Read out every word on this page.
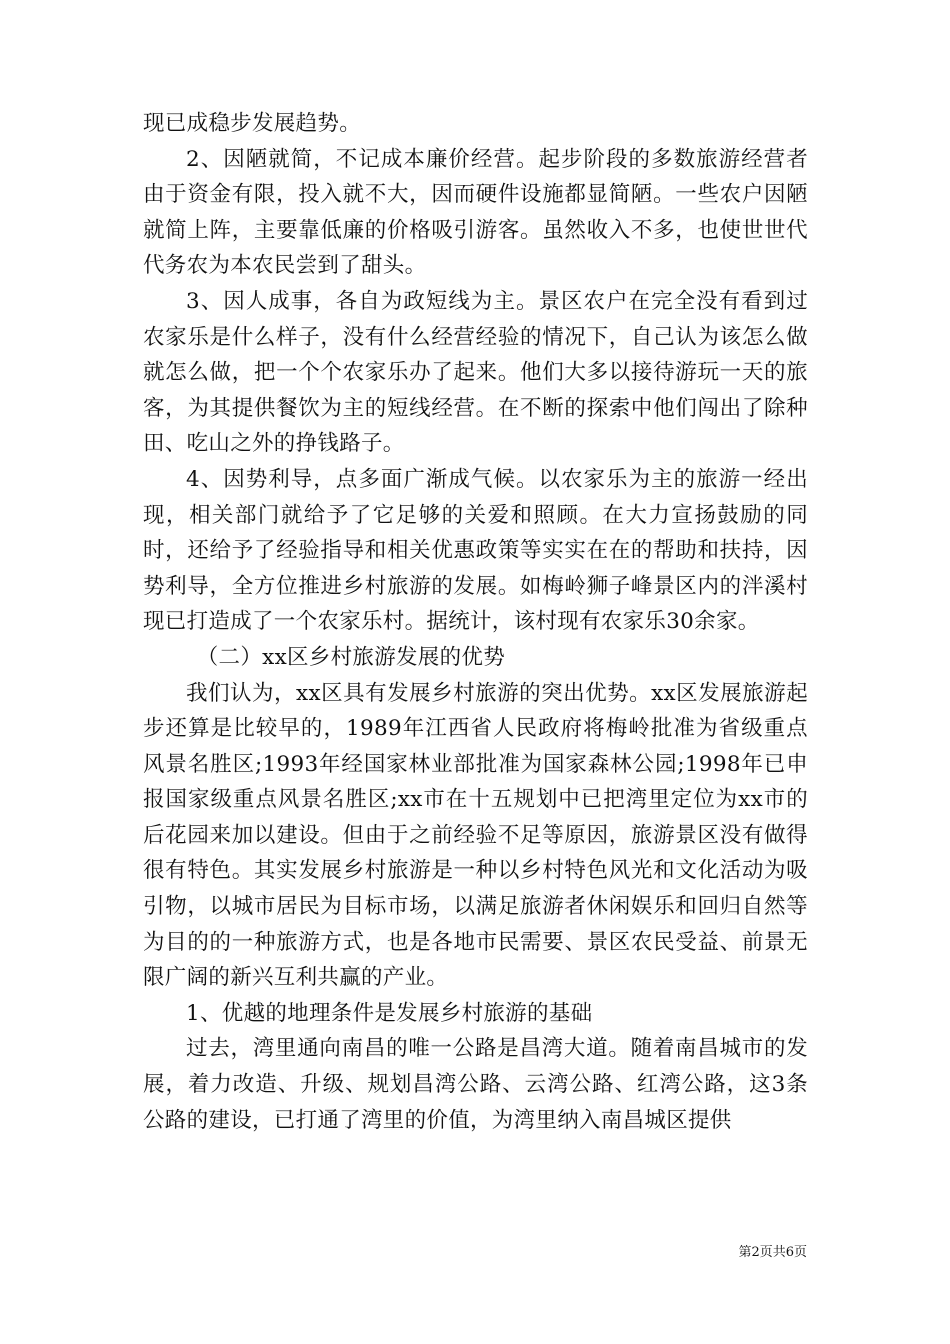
现已成稳步发展趋势。

2、因陋就简，不记成本廉价经营。起步阶段的多数旅游经营者由于资金有限，投入就不大，因而硬件设施都显简陋。一些农户因陋就简上阵，主要靠低廉的价格吸引游客。虽然收入不多，也使世世代代务农为本农民尝到了甜头。

3、因人成事，各自为政短线为主。景区农户在完全没有看到过农家乐是什么样子，没有什么经营经验的情况下，自己认为该怎么做就怎么做，把一个个农家乐办了起来。他们大多以接待游玩一天的旅客，为其提供餐饮为主的短线经营。在不断的探索中他们闯出了除种田、吃山之外的挣钱路子。

4、因势利导，点多面广渐成气候。以农家乐为主的旅游一经出现，相关部门就给予了它足够的关爱和照顾。在大力宣扬鼓励的同时，还给予了经验指导和相关优惠政策等实实在在的帮助和扶持，因势利导，全方位推进乡村旅游的发展。如梅岭狮子峰景区内的泮溪村现已打造成了一个农家乐村。据统计，该村现有农家乐30余家。

（二）xx区乡村旅游发展的优势

我们认为，xx区具有发展乡村旅游的突出优势。xx区发展旅游起步还算是比较早的，1989年江西省人民政府将梅岭批准为省级重点风景名胜区;1993年经国家林业部批准为国家森林公园;1998年已申报国家级重点风景名胜区;xx市在十五规划中已把湾里定位为xx市的后花园来加以建设。但由于之前经验不足等原因，旅游景区没有做得很有特色。其实发展乡村旅游是一种以乡村特色风光和文化活动为吸引物，以城市居民为目标市场，以满足旅游者休闲娱乐和回归自然等为目的的一种旅游方式，也是各地市民需要、景区农民受益、前景无限广阔的新兴互利共赢的产业。

1、优越的地理条件是发展乡村旅游的基础

过去，湾里通向南昌的唯一公路是昌湾大道。随着南昌城市的发展，着力改造、升级、规划昌湾公路、云湾公路、红湾公路，这3条公路的建设，已打通了湾里的价值，为湾里纳入南昌城区提供

第2页共6页
